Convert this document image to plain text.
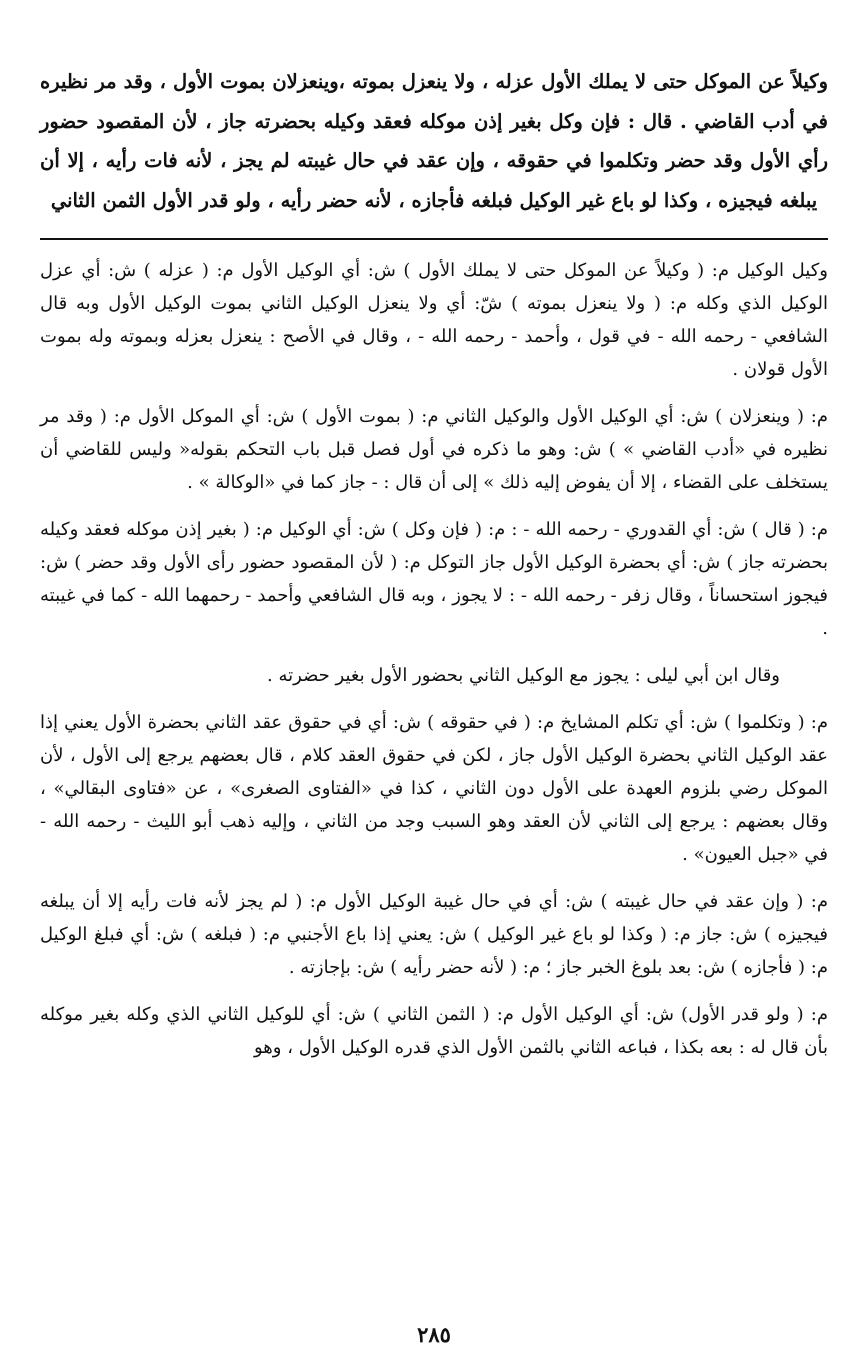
وكيلاً عن الموكل حتى لا يملك الأول عزله ، ولا ينعزل بموته ،وينعزلان بموت الأول ، وقد مر نظيره في أدب القاضي . قال : فإن وكل بغير إذن موكله فعقد وكيله بحضرته جاز ، لأن المقصود حضور رأي الأول وقد حضر وتكلموا في حقوقه ، وإن عقد في حال غيبته لم يجز ، لأنه فات رأيه ، إلا أن يبلغه فيجيزه ، وكذا لو باع غير الوكيل فبلغه فأجازه ، لأنه حضر رأيه ، ولو قدر الأول الثمن الثاني

وكيل الوكيل م: ( وكيلاً عن الموكل حتى لا يملك الأول ) ش: أي الوكيل الأول م: ( عزله ) ش: أي عزل الوكيل الذي وكله م: ( ولا ينعزل بموته ) شّ: أي ولا ينعزل الوكيل الثاني بموت الوكيل الأول وبه قال الشافعي - رحمه الله - في قول ، وأحمد - رحمه الله - ، وقال في الأصح : ينعزل بعزله وبموته وله بموت الأول قولان .

م: ( وينعزلان ) ش: أي الوكيل الأول والوكيل الثاني م: ( بموت الأول ) ش: أي الموكل الأول م: ( وقد مر نظيره في «أدب القاضي » ) ش: وهو ما ذكره في أول فصل قبل باب التحكم بقوله« وليس للقاضي أن يستخلف على القضاء ، إلا أن يفوض إليه ذلك » إلى أن قال : - جاز كما في «الوكالة » .

م: ( قال ) ش: أي القدوري - رحمه الله - : م: ( فإن وكل ) ش: أي الوكيل م: ( بغير إذن موكله فعقد وكيله بحضرته جاز ) ش: أي بحضرة الوكيل الأول جاز التوكل م: ( لأن المقصود حضور رأى الأول وقد حضر ) ش: فيجوز استحساناً ، وقال زفر - رحمه الله - : لا يجوز ، وبه قال الشافعي وأحمد - رحمهما الله - كما في غيبته .

وقال ابن أبي ليلى : يجوز مع الوكيل الثاني بحضور الأول بغير حضرته .

م: ( وتكلموا ) ش: أي تكلم المشايخ م: ( في حقوقه ) ش: أي في حقوق عقد الثاني بحضرة الأول يعني إذا عقد الوكيل الثاني بحضرة الوكيل الأول جاز ، لكن في حقوق العقد كلام ، قال بعضهم يرجع إلى الأول ، لأن الموكل رضي بلزوم العهدة على الأول دون الثاني ، كذا في «الفتاوى الصغرى» ، عن «فتاوى البقالي» ، وقال بعضهم : يرجع إلى الثاني لأن العقد وهو السبب وجد من الثاني ، وإليه ذهب أبو الليث - رحمه الله - في «جبل العيون» .

م: ( وإن عقد في حال غيبته ) ش: أي في حال غيبة الوكيل الأول م: ( لم يجز لأنه فات رأيه إلا أن يبلغه فيجيزه ) ش: جاز م: ( وكذا لو باع غير الوكيل ) ش: يعني إذا باع الأجنبي م: ( فبلغه ) ش: أي فبلغ الوكيل م: ( فأجازه ) ش: بعد بلوغ الخبر جاز ؛ م: ( لأنه حضر رأيه ) ش: بإجازته .

م: ( ولو قدر الأول) ش: أي الوكيل الأول م: ( الثمن الثاني ) ش: أي للوكيل الثاني الذي وكله بغير موكله بأن قال له : بعه بكذا ، فباعه الثاني بالثمن الأول الذي قدره الوكيل الأول ، وهو

٢٨٥
